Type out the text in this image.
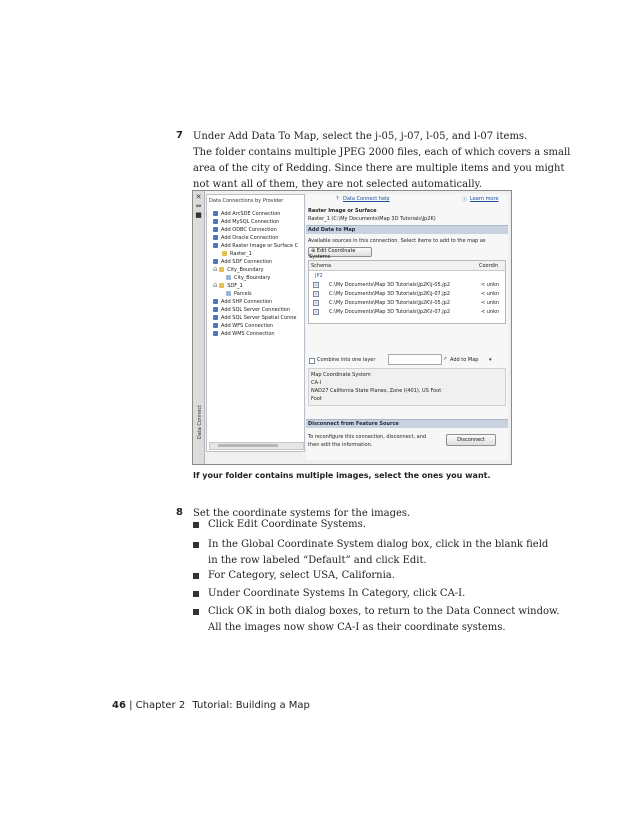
7 Under Add Data To Map, select the j-05, j-07, l-05, and l-07 items.
The folder contains multiple JPEG 2000 files, each of which covers a small
area of the city of Redding. Since there are multiple items and you might
not want all of them, they are not selected automatically.
✕
⇔
■
Data Connect
Data Connections by Provider
Add ArcSDE Connection
Add MySQL Connection
Add ODBC Connection
Add Oracle Connection
Add Raster Image or Surface C
Raster_1
Add SDF Connection
⊟ City_Boundary
City_Boundary
⊟ SDF_1
Parcels
Add SHP Connection
Add SQL Server Connection
Add SQL Server Spatial Conne
Add WFS Connection
Add WMS Connection
? Data Connect help	ⓘ Learn more
Raster Image or Surface
Raster_1 (C:\My Documents\Map 3D Tutorials\Jp2K)
Add Data to Map
Available sources in this connection. Select items to add to the map as
⊕ Edit Coordinate Systems
Schema	Coordin
JP2
✓ C:\My Documents\Map 3D Tutorials\Jp2K\j-05.jp2	< unkn
✓ C:\My Documents\Map 3D Tutorials\Jp2K\j-07.jp2	< unkn
✓ C:\My Documents\Map 3D Tutorials\Jp2K\l-05.jp2	< unkn
✓ C:\My Documents\Map 3D Tutorials\Jp2K\l-07.jp2	< unkn
Combine into one layer	➚ Add to Map ▾
Map Coordinate System
CA-I
NAD27 California State Planes, Zone I(401), US Foot
Foot
Disconnect from Feature Source
To reconfigure this connection, disconnect, and
then edit the information.
Disconnect
If your folder contains multiple images, select the ones you want.
8 Set the coordinate systems for the images.
Click Edit Coordinate Systems.
In the Global Coordinate System dialog box, click in the blank field
in the row labeled “Default” and click Edit.
For Category, select USA, California.
Under Coordinate Systems In Category, click CA-I.
Click OK in both dialog boxes, to return to the Data Connect window.
All the images now show CA-I as their coordinate systems.
46 | Chapter 2 Tutorial: Building a Map
